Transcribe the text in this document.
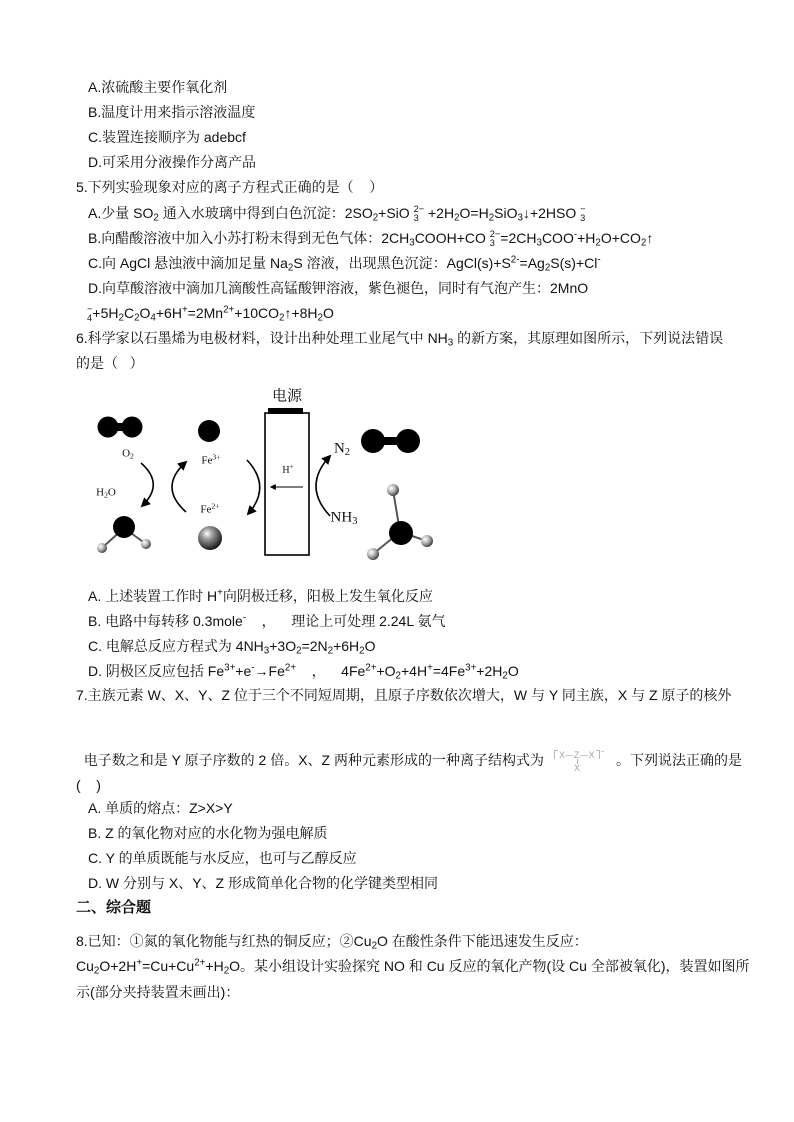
A.浓硫酸主要作氧化剂
B.温度计用来指示溶液温度
C.装置连接顺序为 adebcf
D.可采用分液操作分离产品
5.下列实验现象对应的离子方程式正确的是（    ）
A.少量 $SO_2$ 通入水玻璃中得到白色沉淀：$2SO_2+SiO$ 2−
$3 +2H_2O=H_2SiO_3↓+2HSO$ −
3
B.向醋酸溶液中加入小苏打粉末得到无色气体：$2CH_3COOH+CO$ 2−
$3 =2CH_3COO^-+H_2O+CO_2↑$
C.向 AgCl 悬浊液中滴加足量 $Na_2S$ 溶液，出现黑色沉淀：$AgCl(s)+S^{2-}=Ag_2S(s)+Cl^-$
D.向草酸溶液中滴加几滴酸性高锰酸钾溶液，紫色褪色，同时有气泡产生：2MnO
−
$4 +5H_2C_2O_4+6H^+=2Mn^{2+}+10CO_2↑+8H_2O$
6.科学家以石墨烯为电极材料，设计出种处理工业尾气中 $NH_3$ 的新方案，其原理如图所示，下列说法错误
的是（   ）
电源
$O_2$	$Fe^{3+}$
H+
$H_2O$
$Fe^{2+}$
$N_2$
$NH_3$
A. 上述装置工作时 H+向阴极迁移，阳极上发生氧化反应
B. 电路中每转移 0.3mole-    ，    理论上可处理 2.24L 氨气
C. 电解总反应方程式为 $4NH_3+3O_2=2N_2+6H_2O$
D. 阴极区反应包括 $Fe^{3+}+e^-\to Fe^{2+}$    ，    $4Fe^{2+}+O_2+4H^+=4Fe^{3+}+2H_2O$
7.主族元素 W、X、Y、Z 位于三个不同短周期，且原子序数依次增大，W 与 Y 同主族，X 与 Z 原子的核外

电子数之和是 Y 原子序数的 2 倍。X、Z 两种元素形成的一种离子结构式为	X—Z—X −
X	。下列说法正确的是

(    )
A. 单质的熔点：Z>X>Y
B. Z 的氧化物对应的水化物为强电解质
C. Y 的单质既能与水反应，也可与乙醇反应
D. W 分别与 X、Y、Z 形成简单化合物的化学键类型相同
二、综合题
8.已知：①氮的氧化物能与红热的铜反应；$②Cu_2O$ 在酸性条件下能迅速发生反应：
$Cu_2O+2H^+=Cu+Cu^{2+}+H_2O$。某小组设计实验探究 NO 和 Cu 反应的氧化产物(设 Cu 全部被氧化)，装置如图所
示(部分夹持装置未画出)：
